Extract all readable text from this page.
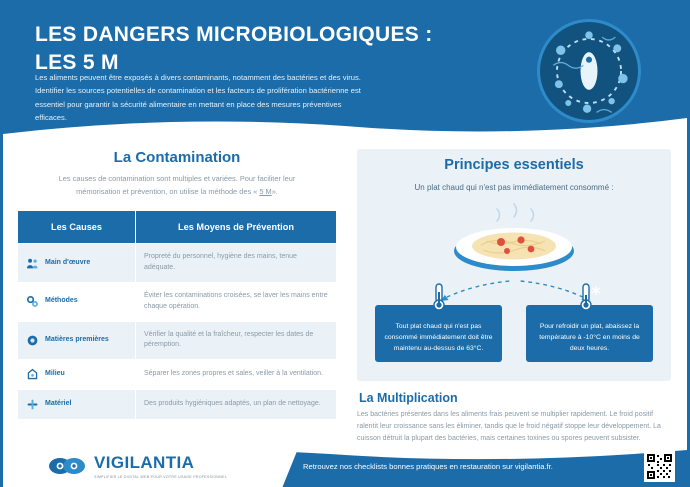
LES DANGERS MICROBIOLOGIQUES : LES 5 M
Les aliments peuvent être exposés à divers contaminants, notamment des bactéries et des virus. Identifier les sources potentielles de contamination et les facteurs de prolifération bactérienne est essentiel pour garantir la sécurité alimentaire en mettant en place des mesures préventives efficaces.
La Contamination
Les causes de contamination sont multiples et variées. Pour faciliter leur mémorisation et prévention, on utilise la méthode des « 5 M».
Les Causes	Les Moyens de Prévention

Main d'œuvre	Propreté du personnel, hygiène des mains, tenue adéquate.

Méthodes	Éviter les contaminations croisées, se laver les mains entre chaque opération.

Matières premières	Vérifier la qualité et la fraîcheur, respecter les dates de péremption.

Milieu	Séparer les zones propres et sales, veiller à la ventilation.

Matériel	Des produits hygiéniques adaptés, un plan de nettoyage.
Principes essentiels
Un plat chaud qui n'est pas immédiatement consommé :
Tout plat chaud qui n'est pas consommé immédiatement doit être maintenu au-dessus de 63°C.
Pour refroidir un plat, abaissez la température à -10°C en moins de deux heures.
La Multiplication
Les bactéries présentes dans les aliments frais peuvent se multiplier rapidement. Le froid positif ralentit leur croissance sans les éliminer, tandis que le froid négatif stoppe leur développement. La cuisson détruit la plupart des bactéries, mais certaines toxines ou spores peuvent subsister.
VIGILANTIA
SIMPLIFIER LE DIGITAL WEB POUR VOTRE USAGE PROFESSIONNEL
Retrouvez nos checklists bonnes pratiques en restauration sur vigilantia.fr.
